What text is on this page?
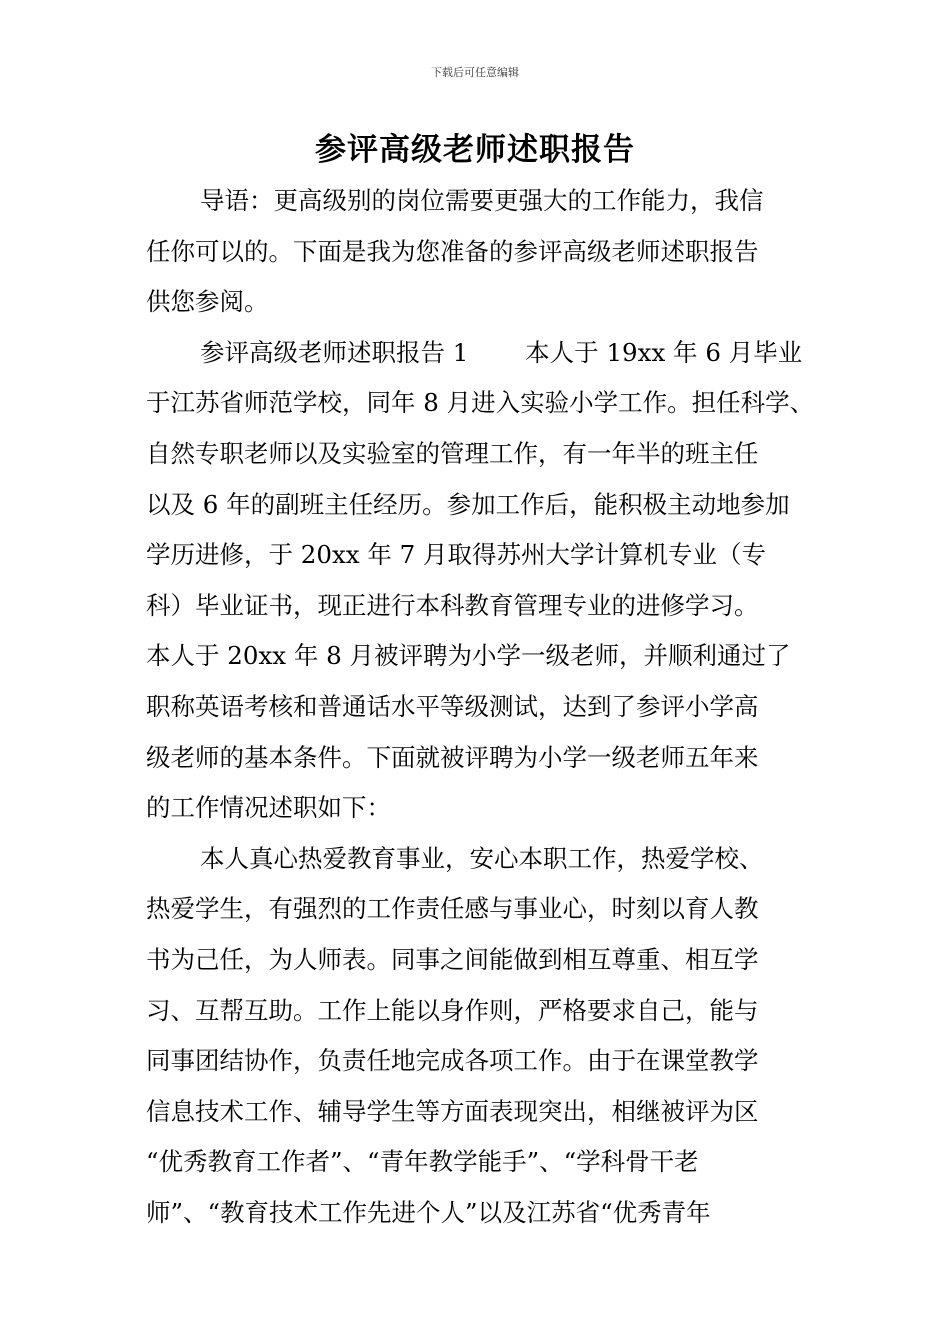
下载后可任意编辑
参评高级老师述职报告
导语：更高级别的岗位需要更强大的工作能力，我信
任你可以的。下面是我为您准备的参评高级老师述职报告
供您参阅。
参评高级老师述职报告 1　　 本人于 19xx 年 6 月毕业
于江苏省师范学校，同年 8 月进入实验小学工作。担任科学、
自然专职老师以及实验室的管理工作，有一年半的班主任
以及 6 年的副班主任经历。参加工作后，能积极主动地参加
学历进修，于 20xx 年 7 月取得苏州大学计算机专业（专
科）毕业证书，现正进行本科教育管理专业的进修学习。
本人于 20xx 年 8 月被评聘为小学一级老师，并顺利通过了
职称英语考核和普通话水平等级测试，达到了参评小学高
级老师的基本条件。下面就被评聘为小学一级老师五年来
的工作情况述职如下：
本人真心热爱教育事业，安心本职工作，热爱学校、
热爱学生，有强烈的工作责任感与事业心，时刻以育人教
书为己任，为人师表。同事之间能做到相互尊重、相互学
习、互帮互助。工作上能以身作则，严格要求自己，能与
同事团结协作，负责任地完成各项工作。由于在课堂教学
信息技术工作、辅导学生等方面表现突出，相继被评为区
“优秀教育工作者”、“青年教学能手”、“学科骨干老
师”、“教育技术工作先进个人”以及江苏省“优秀青年
